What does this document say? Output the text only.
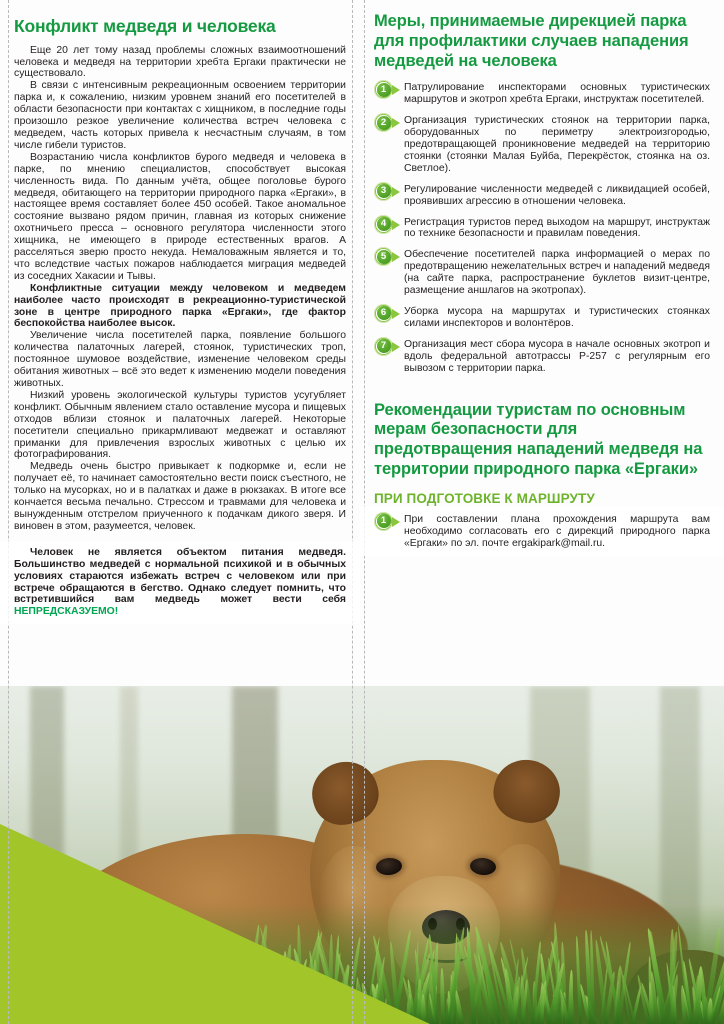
Конфликт медведя и человека

Еще 20 лет тому назад проблемы сложных взаимоотношений человека и медведя на территории хребта Ергаки практически не существовало.

В связи с интенсивным рекреационным освоением территории парка и, к сожалению, низким уровнем знаний его посетителей в области безопасности при контактах с хищником, в последние годы произошло резкое увеличение количества встреч человека с медведем, часть которых привела к несчастным случаям, в том числе гибели туристов.

Возрастанию числа конфликтов бурого медведя и человека в парке, по мнению специалистов, способствует высокая численность вида. По данным учёта, общее поголовье бурого медведя, обитающего на территории природного парка «Ергаки», в настоящее время составляет более 450 особей. Такое аномальное состояние вызвано рядом причин, главная из которых снижение охотничьего пресса – основного регулятора численности этого хищника, не имеющего в природе естественных врагов. А расселяться зверю просто некуда. Немаловажным является и то, что вследствие частых пожаров наблюдается миграция медведей из соседних Хакасии и Тывы.

Конфликтные ситуации между человеком и медведем наиболее часто происходят в рекреационно-туристической зоне в центре природного парка «Ергаки», где фактор беспокойства наиболее высок.

Увеличение числа посетителей парка, появление большого количества палаточных лагерей, стоянок, туристических троп, постоянное шумовое воздействие, изменение человеком среды обитания животных – всё это ведет к изменению модели поведения животных.

Низкий уровень экологической культуры туристов усугубляет конфликт. Обычным явлением стало оставление мусора и пищевых отходов вблизи стоянок и палаточных лагерей. Некоторые посетители специально прикармливают медвежат и оставляют приманки для привлечения взрослых животных с целью их фотографирования.

Медведь очень быстро привыкает к подкормке и, если не получает её, то начинает самостоятельно вести поиск съестного, не только на мусорках, но и в палатках и даже в рюкзаках. В итоге все кончается весьма печально. Стрессом и травмами для человека и вынужденным отстрелом приученного к подачкам дикого зверя. И виновен в этом, разумеется, человек.

Человек не является объектом питания медведя. Большинство медведей с нормальной психикой и в обычных условиях стараются избежать встреч с человеком или при встрече обращаются в бегство. Однако следует помнить, что встретившийся вам медведь может вести себя НЕПРЕДСКАЗУЕМО!

Меры, принимаемые дирекцией парка для профилактики случаев нападения медведей на человека
1	Патрулирование инспекторами основных туристических маршрутов и экотроп хребта Ергаки, инструктаж посетителей.
2	Организация туристических стоянок на территории парка, оборудованных по периметру электроизгородью, предотвращающей проникновение медведей на территорию стоянки (стоянки Малая Буйба, Перекрёсток, стоянка на оз. Светлое).
3	Регулирование численности медведей с ликвидацией особей, проявивших агрессию в отношении человека.
4	Регистрация туристов перед выходом на маршрут, инструктаж по технике безопасности и правилам поведения.
5	Обеспечение посетителей парка информацией о мерах по предотвращению нежелательных встреч и нападений медведя (на сайте парка, распространение буклетов визит-центре, размещение аншлагов на экотропах).
6	Уборка мусора на маршрутах и туристических стоянках силами инспекторов и волонтёров.
7	Организация мест сбора мусора в начале основных экотроп и вдоль федеральной автотрассы Р-257 с регулярным его вывозом с территории парка.
Рекомендации туристам по основным мерам безопасности для предотвращения нападений медведя на территории природного парка «Ергаки»
ПРИ ПОДГОТОВКЕ К МАРШРУТУ
1	При составлении плана прохождения маршрута вам необходимо согласовать его с дирекций природного парка «Ергаки» по эл. почте ergakipark@mail.ru.
